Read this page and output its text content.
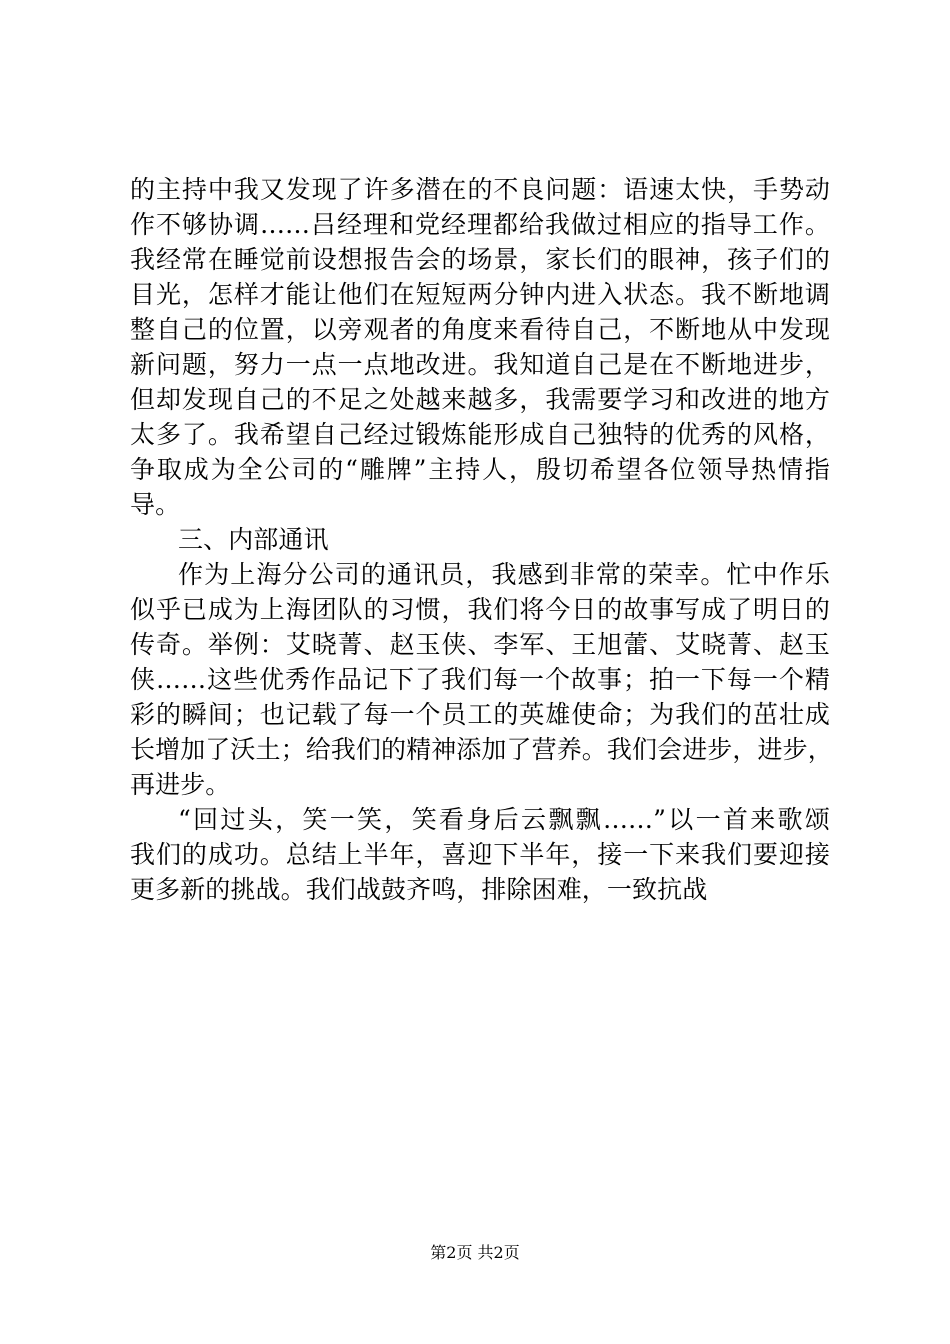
的主持中我又发现了许多潜在的不良问题：语速太快，手势动
作不够协调……吕经理和党经理都给我做过相应的指导工作。
我经常在睡觉前设想报告会的场景，家长们的眼神，孩子们的
目光，怎样才能让他们在短短两分钟内进入状态。我不断地调
整自己的位置，以旁观者的角度来看待自己，不断地从中发现
新问题，努力一点一点地改进。我知道自己是在不断地进步，
但却发现自己的不足之处越来越多，我需要学习和改进的地方
太多了。我希望自己经过锻炼能形成自己独特的优秀的风格，
争取成为全公司的“雕牌”主持人，殷切希望各位领导热情指
导。
三、内部通讯
作为上海分公司的通讯员，我感到非常的荣幸。忙中作乐
似乎已成为上海团队的习惯，我们将今日的故事写成了明日的
传奇。举例：艾晓菁、赵玉侠、李军、王旭蕾、艾晓菁、赵玉
侠……这些优秀作品记下了我们每一个故事；拍一下每一个精
彩的瞬间；也记载了每一个员工的英雄使命；为我们的茁壮成
长增加了沃土；给我们的精神添加了营养。我们会进步，进步，
再进步。
“回过头，笑一笑，笑看身后云飘飘……”以一首来歌颂
我们的成功。总结上半年，喜迎下半年，接一下来我们要迎接
更多新的挑战。我们战鼓齐鸣，排除困难，一致抗战
第2页 共2页
